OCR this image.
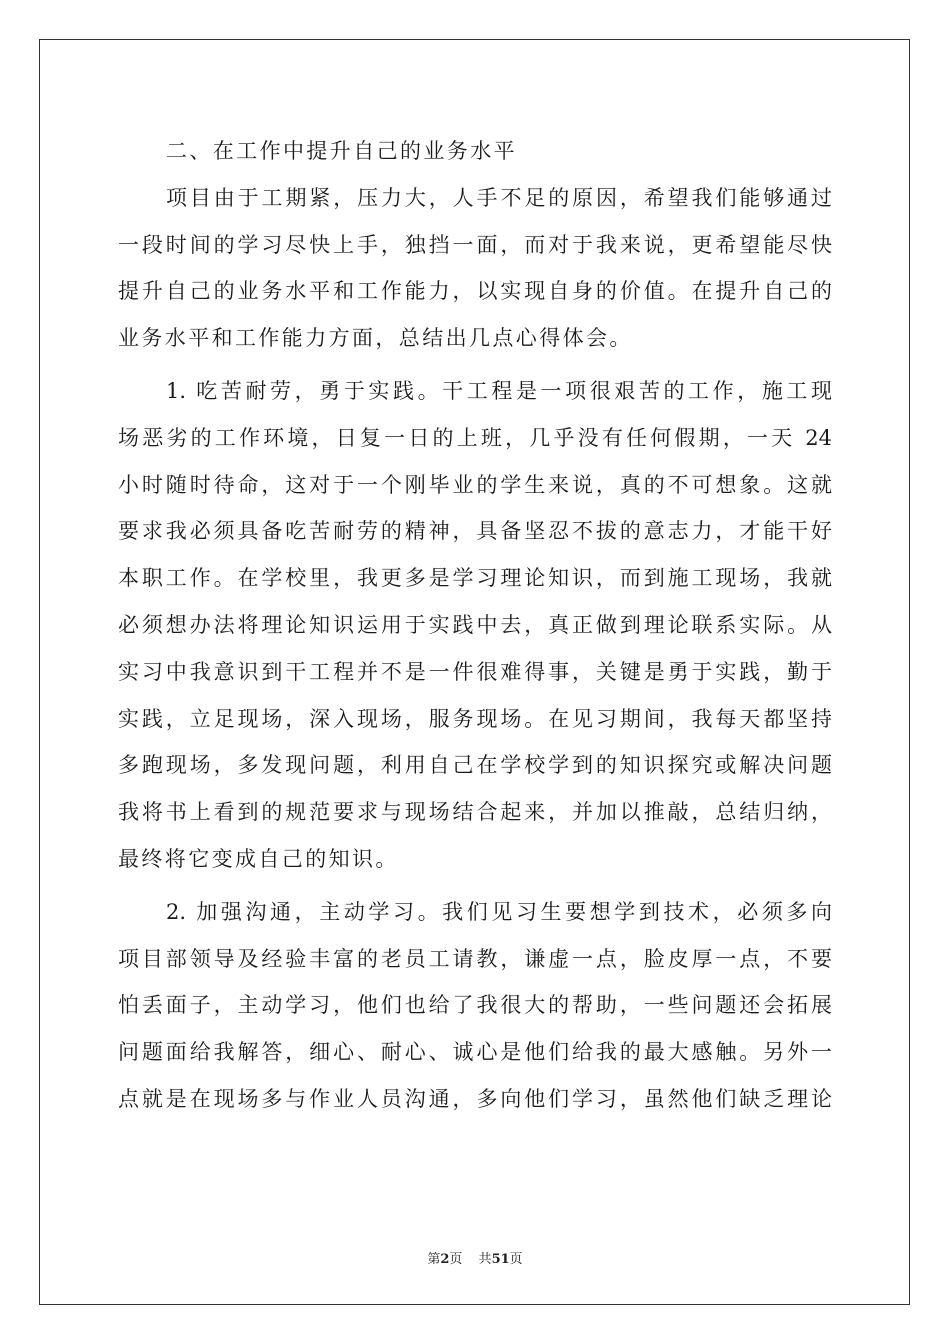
二、在工作中提升自己的业务水平
项目由于工期紧，压力大，人手不足的原因，希望我们能够通过
一段时间的学习尽快上手，独挡一面，而对于我来说，更希望能尽快
提升自己的业务水平和工作能力，以实现自身的价值。在提升自己的
业务水平和工作能力方面，总结出几点心得体会。
1. 吃苦耐劳，勇于实践。干工程是一项很艰苦的工作，施工现
场恶劣的工作环境，日复一日的上班，几乎没有任何假期，一天 24
小时随时待命，这对于一个刚毕业的学生来说，真的不可想象。这就
要求我必须具备吃苦耐劳的精神，具备坚忍不拔的意志力，才能干好
本职工作。在学校里，我更多是学习理论知识，而到施工现场，我就
必须想办法将理论知识运用于实践中去，真正做到理论联系实际。从
实习中我意识到干工程并不是一件很难得事，关键是勇于实践，勤于
实践，立足现场，深入现场，服务现场。在见习期间，我每天都坚持
多跑现场，多发现问题，利用自己在学校学到的知识探究或解决问题
我将书上看到的规范要求与现场结合起来，并加以推敲，总结归纳，
最终将它变成自己的知识。
2. 加强沟通，主动学习。我们见习生要想学到技术，必须多向
项目部领导及经验丰富的老员工请教，谦虚一点，脸皮厚一点，不要
怕丢面子，主动学习，他们也给了我很大的帮助，一些问题还会拓展
问题面给我解答，细心、耐心、诚心是他们给我的最大感触。另外一
点就是在现场多与作业人员沟通，多向他们学习，虽然他们缺乏理论
第2页 共51页
